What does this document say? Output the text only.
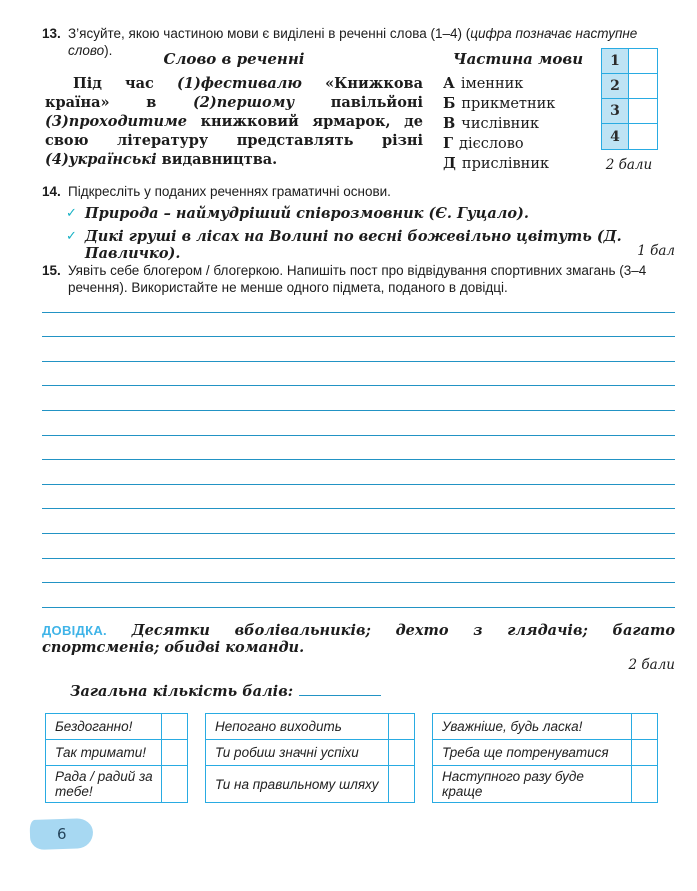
13. З’ясуйте, якою частиною мови є виділені в реченні слова (1–4) (цифра позначає наступне слово).	Слово в реченні

Під час (1)фестивалю «Книжкова країна» в (2)першому павільйоні (3)проходитиме книжковий ярмарок, де свою літературу представлять різні (4)українські видавництва.

Частина мови
А іменник
Б прикметник
В числівник
Г дієслово
Д прислівник
1
2
3
4
2 бали
14. Підкресліть у поданих реченнях граматичні основи.
✓ Природа – наймудріший співрозмовник (Є. Гуцало).
✓ Дикі груші в лісах на Волині по весні божевільно цвітуть (Д. Павличко).	1 бал
15. Уявіть себе блогером / блогеркою. Напишіть пост про відвідування спортивних змагань (3–4 речення). Використайте не менше одного підмета, поданого в довідці.

ДОВІДКА. Десятки вболівальників; дехто з глядачів; багато спортсменів; обидві команди.

2 бали
Загальна кількість балів:
Бездоганно!
Так тримати!
Рада / радий за тебе!
Непогано виходить
Ти робиш значні успіхи
Ти на правильному шляху
Уважніше, будь ласка!
Треба ще потренуватися
Наступного разу буде краще
6
